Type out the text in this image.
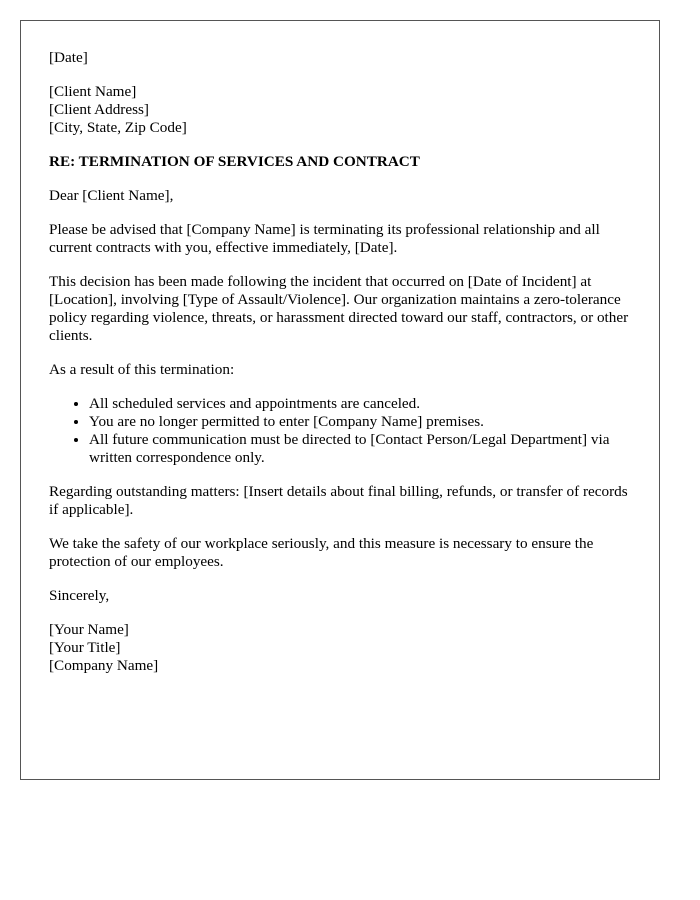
[Date]

[Client Name]
[Client Address]
[City, State, Zip Code]

RE: TERMINATION OF SERVICES AND CONTRACT

Dear [Client Name],

Please be advised that [Company Name] is terminating its professional relationship and all current contracts with you, effective immediately, [Date].

This decision has been made following the incident that occurred on [Date of Incident] at [Location], involving [Type of Assault/Violence]. Our organization maintains a zero-tolerance policy regarding violence, threats, or harassment directed toward our staff, contractors, or other clients.

As a result of this termination:

• All scheduled services and appointments are canceled.
• You are no longer permitted to enter [Company Name] premises.
• All future communication must be directed to [Contact Person/Legal Department] via written correspondence only.

Regarding outstanding matters: [Insert details about final billing, refunds, or transfer of records if applicable].

We take the safety of our workplace seriously, and this measure is necessary to ensure the protection of our employees.

Sincerely,

[Your Name]
[Your Title]
[Company Name]
